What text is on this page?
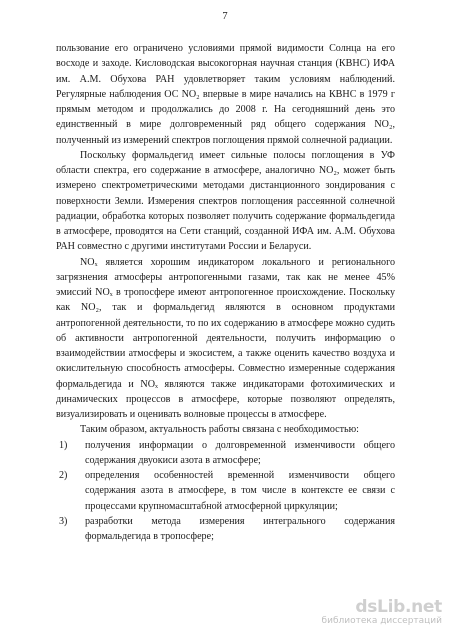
7

пользование его ограничено условиями прямой видимости Солнца на его восходе и заходе. Кисловодская высокогорная научная станция (КВНС) ИФА им. А.М. Обухова РАН удовлетворяет таким условиям наблюдений. Регулярные наблюдения ОС NO₂ впервые в мире начались на КВНС в 1979 г прямым методом и продолжались до 2008 г. На сегодняшний день это единственный в мире долговременный ряд общего содержания NO₂, полученный из измерений спектров поглощения прямой солнечной радиации.

Поскольку формальдегид имеет сильные полосы поглощения в УФ области спектра, его содержание в атмосфере, аналогично NO₂, может быть измерено спектрометрическими методами дистанционного зондирования с поверхности Земли. Измерения спектров поглощения рассеянной солнечной радиации, обработка которых позволяет получить содержание формальдегида в атмосфере, проводятся на Сети станций, созданной ИФА им. А.М. Обухова РАН совместно с другими институтами России и Беларуси.

NOₓ является хорошим индикатором локального и регионального загрязнения атмосферы антропогенными газами, так как не менее 45% эмиссий NOₓ в тропосфере имеют антропогенное происхождение. Поскольку как NO₂, так и формальдегид являются в основном продуктами антропогенной деятельности, то по их содержанию в атмосфере можно судить об активности антропогенной деятельности, получить информацию о взаимодействии атмосферы и экосистем, а также оценить качество воздуха и окислительную способность атмосферы. Совместно измеренные содержания формальдегида и NOₓ являются также индикаторами фотохимических и динамических процессов в атмосфере, которые позволяют определять, визуализировать и оценивать волновые процессы в атмосфере.

Таким образом, актуальность работы связана с необходимостью:

1) получения информации о долговременной изменчивости общего содержания двуокиси азота в атмосфере;
2) определения особенностей временной изменчивости общего содержания азота в атмосфере, в том числе в контексте ее связи с процессами крупномасштабной атмосферной циркуляции;
3) разработки метода измерения интегрального содержания формальдегида в тропосфере;
dsLib.net
библиотека диссертаций
